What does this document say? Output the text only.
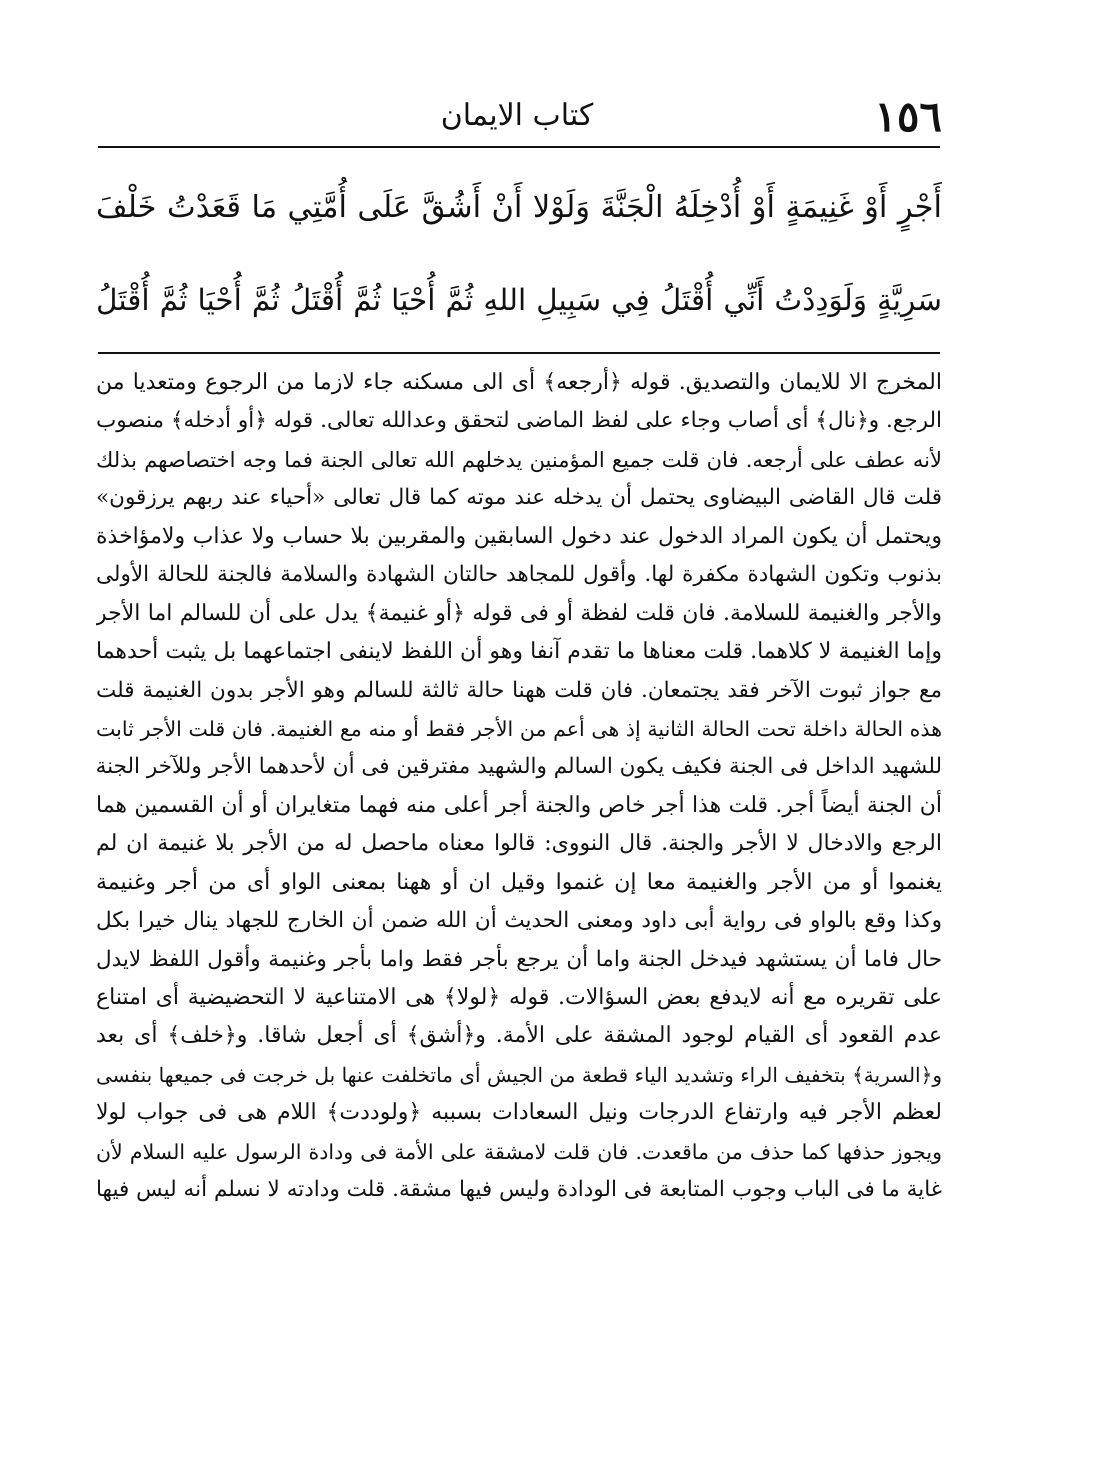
١٥٦
كتاب الايمان
أَجْرٍ أَوْ غَنِيمَةٍ أَوْ أُدْخِلَهُ الْجَنَّةَ وَلَوْلا أَنْ أَشُقَّ عَلَى أُمَّتِي مَا قَعَدْتُ خَلْفَ
سَرِيَّةٍ وَلَوَدِدْتُ أَنِّي أُقْتَلُ فِي سَبِيلِ اللهِ ثُمَّ أُحْيَا ثُمَّ أُقْتَلُ ثُمَّ أُحْيَا ثُمَّ أُقْتَلُ
المخرج الا للايمان والتصديق. قوله ﴿أرجعه﴾ أى الى مسكنه جاء لازما من الرجوع ومتعديا من
الرجع. و﴿نال﴾ أى أصاب وجاء على لفظ الماضى لتحقق وعدالله تعالى. قوله ﴿أو أدخله﴾ منصوب
لأنه عطف على أرجعه. فان قلت جميع المؤمنين يدخلهم الله تعالى الجنة فما وجه اختصاصهم بذلك
قلت قال القاضى البيضاوى يحتمل أن يدخله عند موته كما قال تعالى «أحياء عند ربهم يرزقون»
ويحتمل أن يكون المراد الدخول عند دخول السابقين والمقربين بلا حساب ولا عذاب ولامؤاخذة
بذنوب وتكون الشهادة مكفرة لها. وأقول للمجاهد حالتان الشهادة والسلامة فالجنة للحالة الأولى
والأجر والغنيمة للسلامة. فان قلت لفظة أو فى قوله ﴿أو غنيمة﴾ يدل على أن للسالم اما الأجر
وإما الغنيمة لا كلاهما. قلت معناها ما تقدم آنفا وهو أن اللفظ لاينفى اجتماعهما بل يثبت أحدهما
مع جواز ثبوت الآخر فقد يجتمعان. فان قلت ههنا حالة ثالثة للسالم وهو الأجر بدون الغنيمة قلت
هذه الحالة داخلة تحت الحالة الثانية إذ هى أعم من الأجر فقط أو منه مع الغنيمة. فان قلت الأجر ثابت
للشهيد الداخل فى الجنة فكيف يكون السالم والشهيد مفترقين فى أن لأحدهما الأجر وللآخر الجنة
أن الجنة أيضاً أجر. قلت هذا أجر خاص والجنة أجر أعلى منه فهما متغايران أو أن القسمين هما
الرجع والادخال لا الأجر والجنة. قال النووى: قالوا معناه ماحصل له من الأجر بلا غنيمة ان لم
يغنموا أو من الأجر والغنيمة معا إن غنموا وقيل ان أو ههنا بمعنى الواو أى من أجر وغنيمة
وكذا وقع بالواو فى رواية أبى داود ومعنى الحديث أن الله ضمن أن الخارج للجهاد ينال خيرا بكل
حال فاما أن يستشهد فيدخل الجنة واما أن يرجع بأجر فقط واما بأجر وغنيمة وأقول اللفظ لايدل
على تقريره مع أنه لايدفع بعض السؤالات. قوله ﴿لولا﴾ هى الامتناعية لا التحضيضية أى امتناع
عدم القعود أى القيام لوجود المشقة على الأمة. و﴿أشق﴾ أى أجعل شاقا. و﴿خلف﴾ أى بعد
و﴿السرية﴾ بتخفيف الراء وتشديد الياء قطعة من الجيش أى ماتخلفت عنها بل خرجت فى جميعها بنفسى
لعظم الأجر فيه وارتفاع الدرجات ونيل السعادات بسببه ﴿ولوددت﴾ اللام هى فى جواب لولا
ويجوز حذفها كما حذف من ماقعدت. فان قلت لامشقة على الأمة فى ودادة الرسول عليه السلام لأن
غاية ما فى الباب وجوب المتابعة فى الودادة وليس فيها مشقة. قلت ودادته لا نسلم أنه ليس فيها
